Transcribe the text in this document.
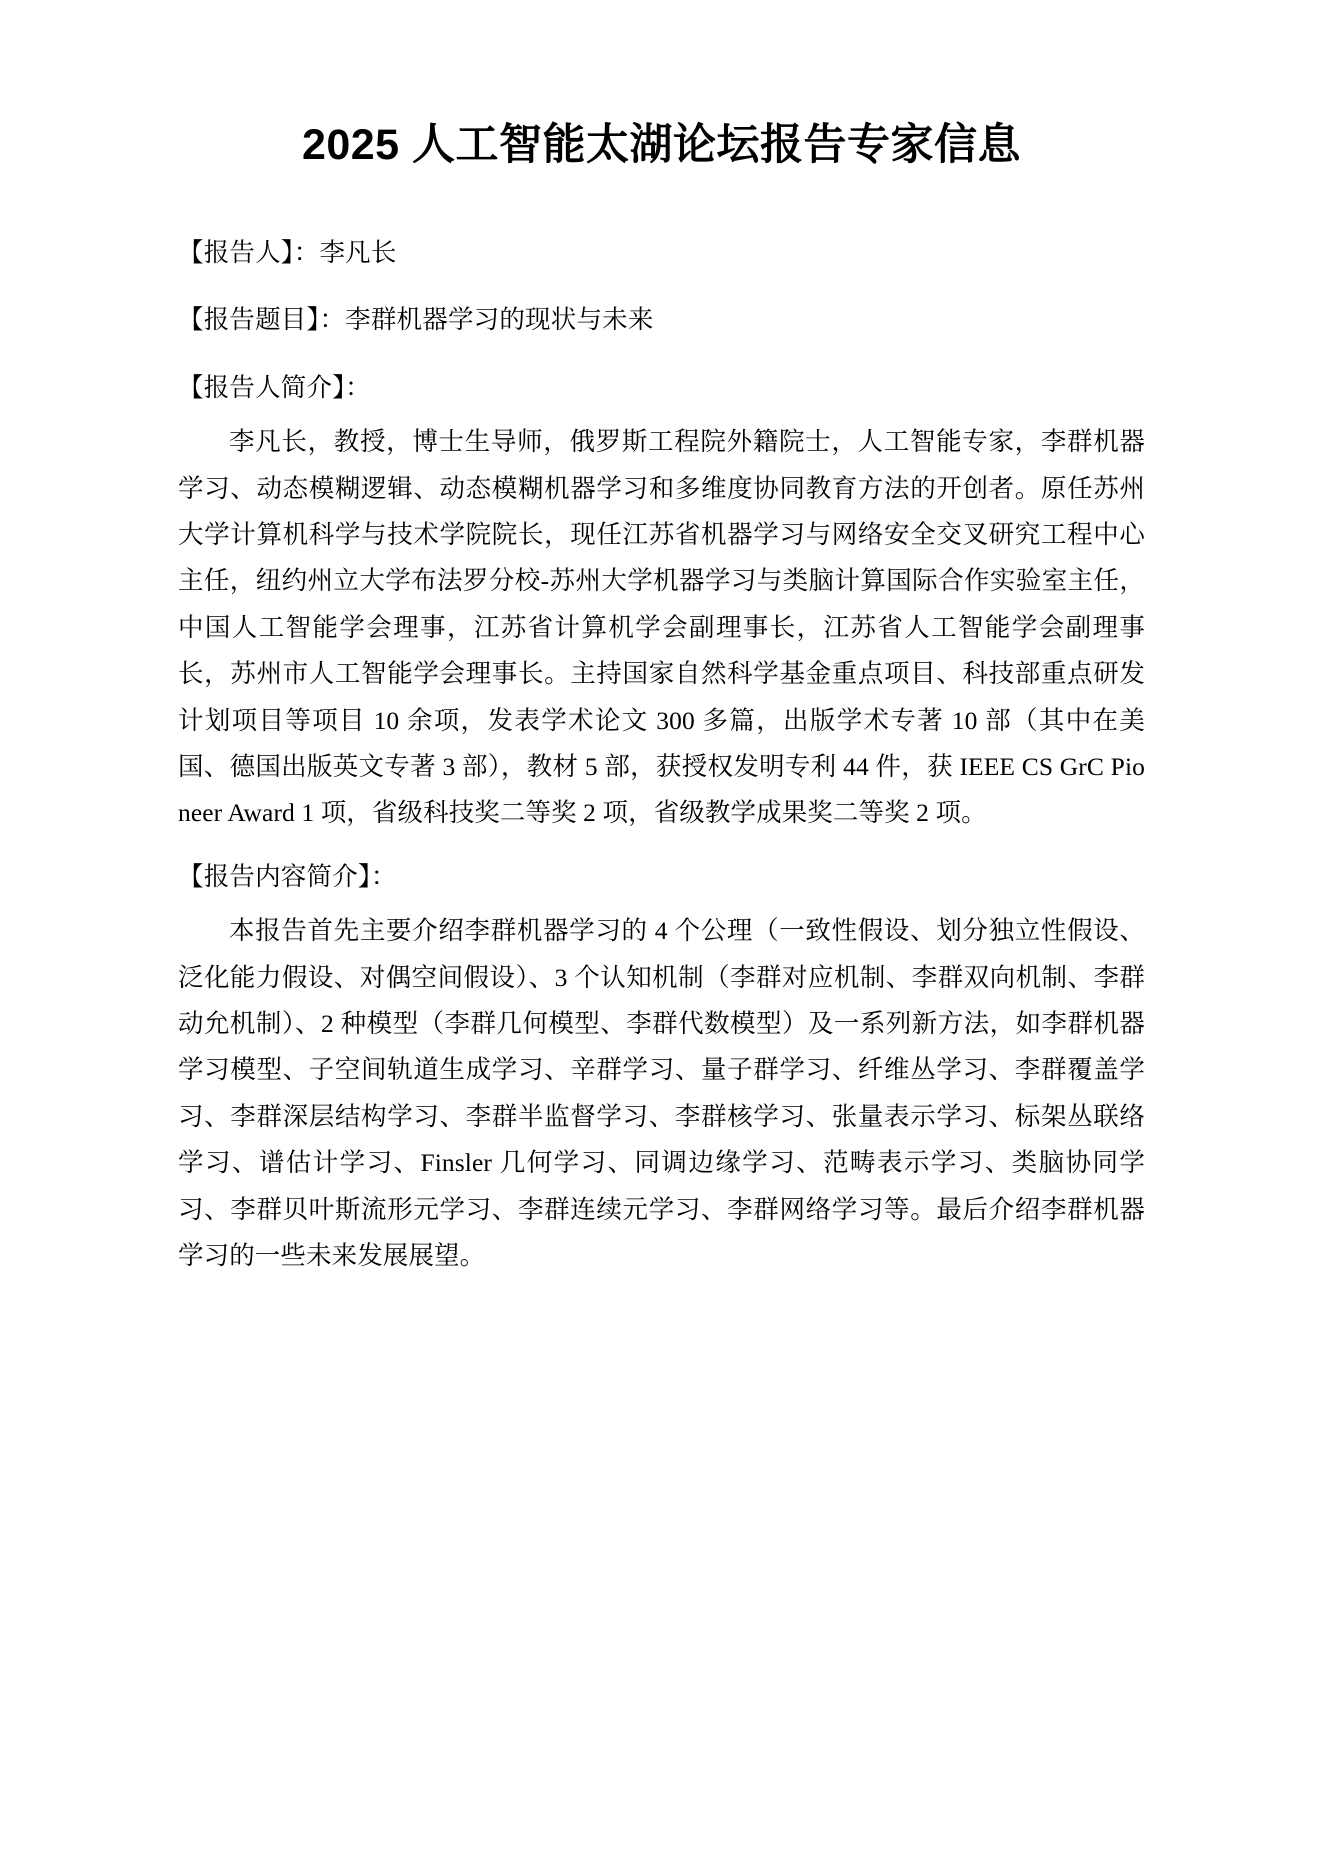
2025 人工智能太湖论坛报告专家信息

【报告人】：李凡长

【报告题目】：李群机器学习的现状与未来

【报告人简介】：

李凡长，教授，博士生导师，俄罗斯工程院外籍院士，人工智能专家，李群机器学习、动态模糊逻辑、动态模糊机器学习和多维度协同教育方法的开创者。原任苏州大学计算机科学与技术学院院长，现任江苏省机器学习与网络安全交叉研究工程中心主任，纽约州立大学布法罗分校-苏州大学机器学习与类脑计算国际合作实验室主任，中国人工智能学会理事，江苏省计算机学会副理事长，江苏省人工智能学会副理事长，苏州市人工智能学会理事长。主持国家自然科学基金重点项目、科技部重点研发计划项目等项目 10 余项，发表学术论文 300 多篇，出版学术专著 10 部（其中在美国、德国出版英文专著 3 部），教材 5 部，获授权发明专利 44 件，获 IEEE CS GrC Pioneer Award 1 项，省级科技奖二等奖 2 项，省级教学成果奖二等奖 2 项。

【报告内容简介】：

本报告首先主要介绍李群机器学习的 4 个公理（一致性假设、划分独立性假设、泛化能力假设、对偶空间假设）、3 个认知机制（李群对应机制、李群双向机制、李群动允机制）、2 种模型（李群几何模型、李群代数模型）及一系列新方法，如李群机器学习模型、子空间轨道生成学习、辛群学习、量子群学习、纤维丛学习、李群覆盖学习、李群深层结构学习、李群半监督学习、李群核学习、张量表示学习、标架丛联络学习、谱估计学习、Finsler 几何学习、同调边缘学习、范畴表示学习、类脑协同学习、李群贝叶斯流形元学习、李群连续元学习、李群网络学习等。最后介绍李群机器学习的一些未来发展展望。
